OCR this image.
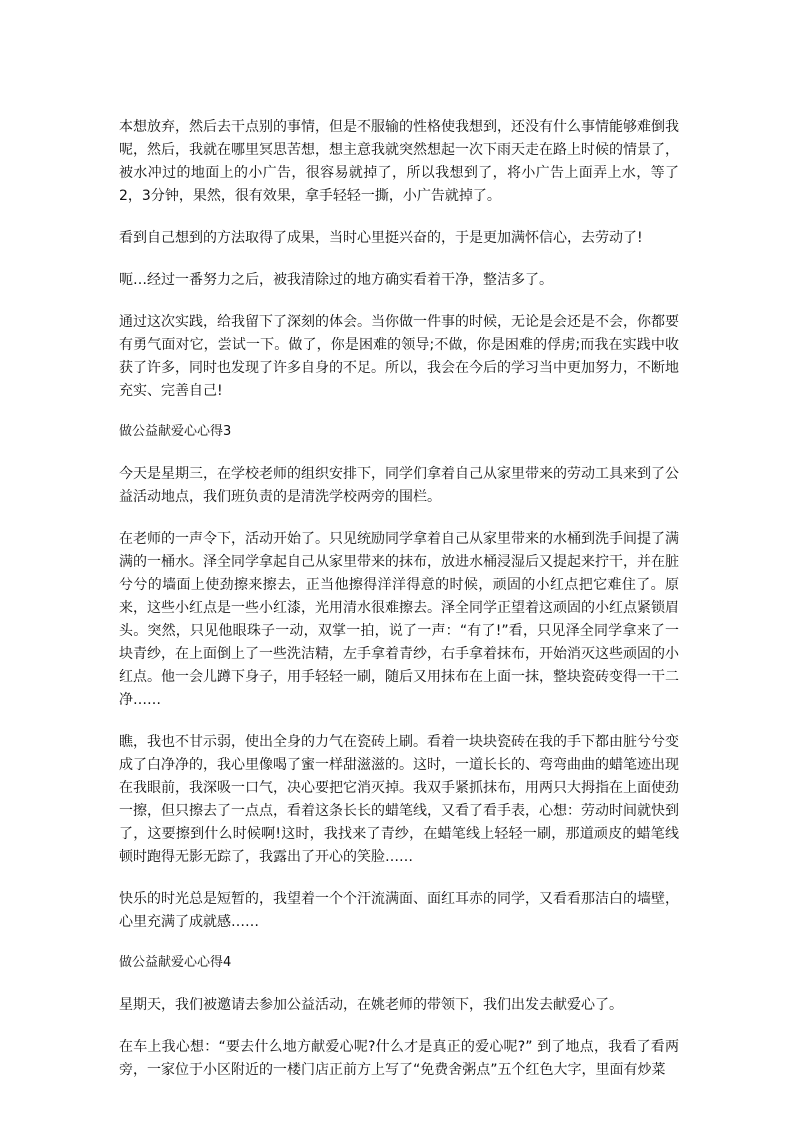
本想放弃，然后去干点别的事情，但是不服输的性格使我想到，还没有什么事情能够难倒我呢，然后，我就在哪里冥思苦想，想主意我就突然想起一次下雨天走在路上时候的情景了，被水冲过的地面上的小广告，很容易就掉了，所以我想到了，将小广告上面弄上水，等了2，3分钟，果然，很有效果，拿手轻轻一撕，小广告就掉了。

看到自己想到的方法取得了成果，当时心里挺兴奋的，于是更加满怀信心，去劳动了!

呃…经过一番努力之后，被我清除过的地方确实看着干净，整洁多了。

通过这次实践，给我留下了深刻的体会。当你做一件事的时候，无论是会还是不会，你都要有勇气面对它，尝试一下。做了，你是困难的领导;不做，你是困难的俘虏;而我在实践中收获了许多，同时也发现了许多自身的不足。所以，我会在今后的学习当中更加努力，不断地充实、完善自己!

做公益献爱心心得3

今天是星期三，在学校老师的组织安排下，同学们拿着自己从家里带来的劳动工具来到了公益活动地点，我们班负责的是清洗学校两旁的围栏。

在老师的一声令下，活动开始了。只见统励同学拿着自己从家里带来的水桶到洗手间提了满满的一桶水。泽全同学拿起自己从家里带来的抹布，放进水桶浸湿后又提起来拧干，并在脏兮兮的墙面上使劲擦来擦去，正当他擦得洋洋得意的时候，顽固的小红点把它难住了。原来，这些小红点是一些小红漆，光用清水很难擦去。泽全同学正望着这顽固的小红点紧锁眉头。突然，只见他眼珠子一动，双掌一拍，说了一声：“有了!”看，只见泽全同学拿来了一块青纱，在上面倒上了一些洗洁精，左手拿着青纱，右手拿着抹布，开始消灭这些顽固的小红点。他一会儿蹲下身子，用手轻轻一刷，随后又用抹布在上面一抹，整块瓷砖变得一干二净……

瞧，我也不甘示弱，使出全身的力气在瓷砖上刷。看着一块块瓷砖在我的手下都由脏兮兮变成了白净净的，我心里像喝了蜜一样甜滋滋的。这时，一道长长的、弯弯曲曲的蜡笔迹出现在我眼前，我深吸一口气，决心要把它消灭掉。我双手紧抓抹布，用两只大拇指在上面使劲一擦，但只擦去了一点点，看着这条长长的蜡笔线，又看了看手表，心想：劳动时间就快到了，这要擦到什么时候啊!这时，我找来了青纱，在蜡笔线上轻轻一刷，那道顽皮的蜡笔线顿时跑得无影无踪了，我露出了开心的笑脸……

快乐的时光总是短暂的，我望着一个个汗流满面、面红耳赤的同学，又看看那洁白的墙壁，心里充满了成就感……

做公益献爱心心得4

星期天，我们被邀请去参加公益活动，在姚老师的带领下，我们出发去献爱心了。

在车上我心想：“要去什么地方献爱心呢?什么才是真正的爱心呢?” 到了地点，我看了看两旁，一家位于小区附近的一楼门店正前方上写了“免费舍粥点”五个红色大字，里面有炒菜
